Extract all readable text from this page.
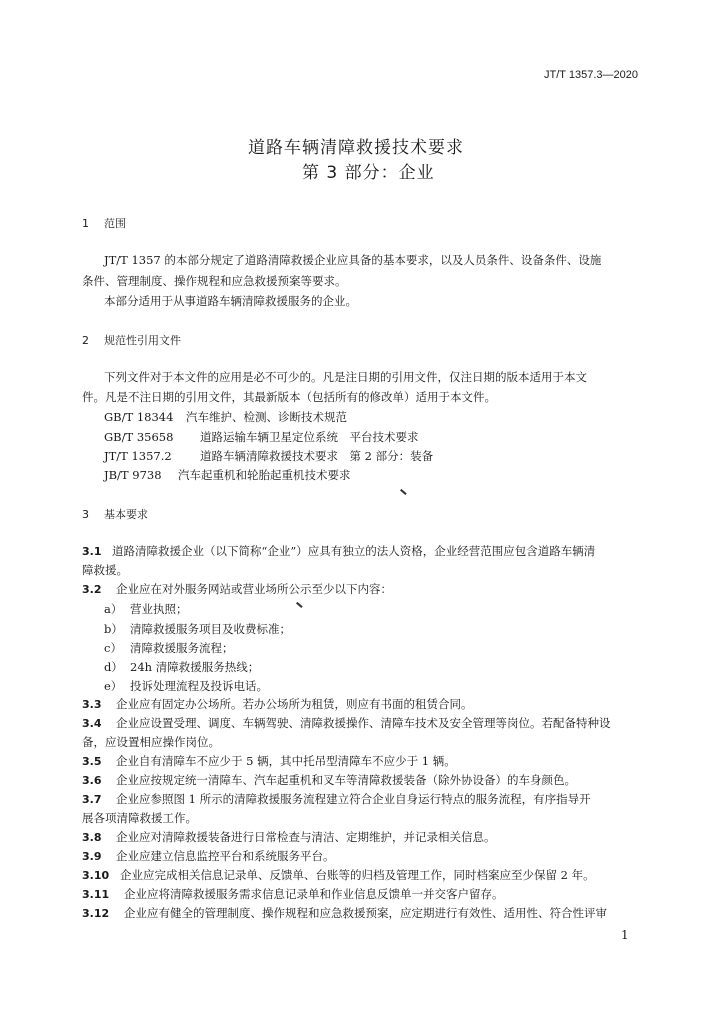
JT/T 1357.3—2020
道路车辆清障救援技术要求
第 3 部分：企业
1 范围
JT/T 1357 的本部分规定了道路清障救援企业应具备的基本要求，以及人员条件、设备条件、设施
条件、管理制度、操作规程和应急救援预案等要求。
本部分适用于从事道路车辆清障救援服务的企业。
2 规范性引用文件
下列文件对于本文件的应用是必不可少的。凡是注日期的引用文件，仅注日期的版本适用于本文
件。凡是不注日期的引用文件，其最新版本（包括所有的修改单）适用于本文件。
GB/T 18344 汽车维护、检测、诊断技术规范
GB/T 35658 道路运输车辆卫星定位系统　平台技术要求
JT/T 1357.2 道路车辆清障救援技术要求　第 2 部分：装备
JB/T 9738 汽车起重机和轮胎起重机技术要求
3 基本要求
3.1 道路清障救援企业（以下简称“企业”）应具有独立的法人资格，企业经营范围应包含道路车辆清
障救援。
3.2 企业应在对外服务网站或营业场所公示至少以下内容：
a） 营业执照；
b） 清障救援服务项目及收费标准；
c） 清障救援服务流程；
d） 24h 清障救援服务热线；
e） 投诉处理流程及投诉电话。
3.3 企业应有固定办公场所。若办公场所为租赁，则应有书面的租赁合同。
3.4 企业应设置受理、调度、车辆驾驶、清障救援操作、清障车技术及安全管理等岗位。若配备特种设
备，应设置相应操作岗位。
3.5 企业自有清障车不应少于 5 辆，其中托吊型清障车不应少于 1 辆。
3.6 企业应按规定统一清障车、汽车起重机和叉车等清障救援装备（除外协设备）的车身颜色。
3.7 企业应参照图 1 所示的清障救援服务流程建立符合企业自身运行特点的服务流程，有序指导开
展各项清障救援工作。
3.8 企业应对清障救援装备进行日常检查与清洁、定期维护，并记录相关信息。
3.9 企业应建立信息监控平台和系统服务平台。
3.10 企业应完成相关信息记录单、反馈单、台账等的归档及管理工作，同时档案应至少保留 2 年。
3.11 企业应将清障救援服务需求信息记录单和作业信息反馈单一并交客户留存。
3.12 企业应有健全的管理制度、操作规程和应急救援预案，应定期进行有效性、适用性、符合性评审
1
